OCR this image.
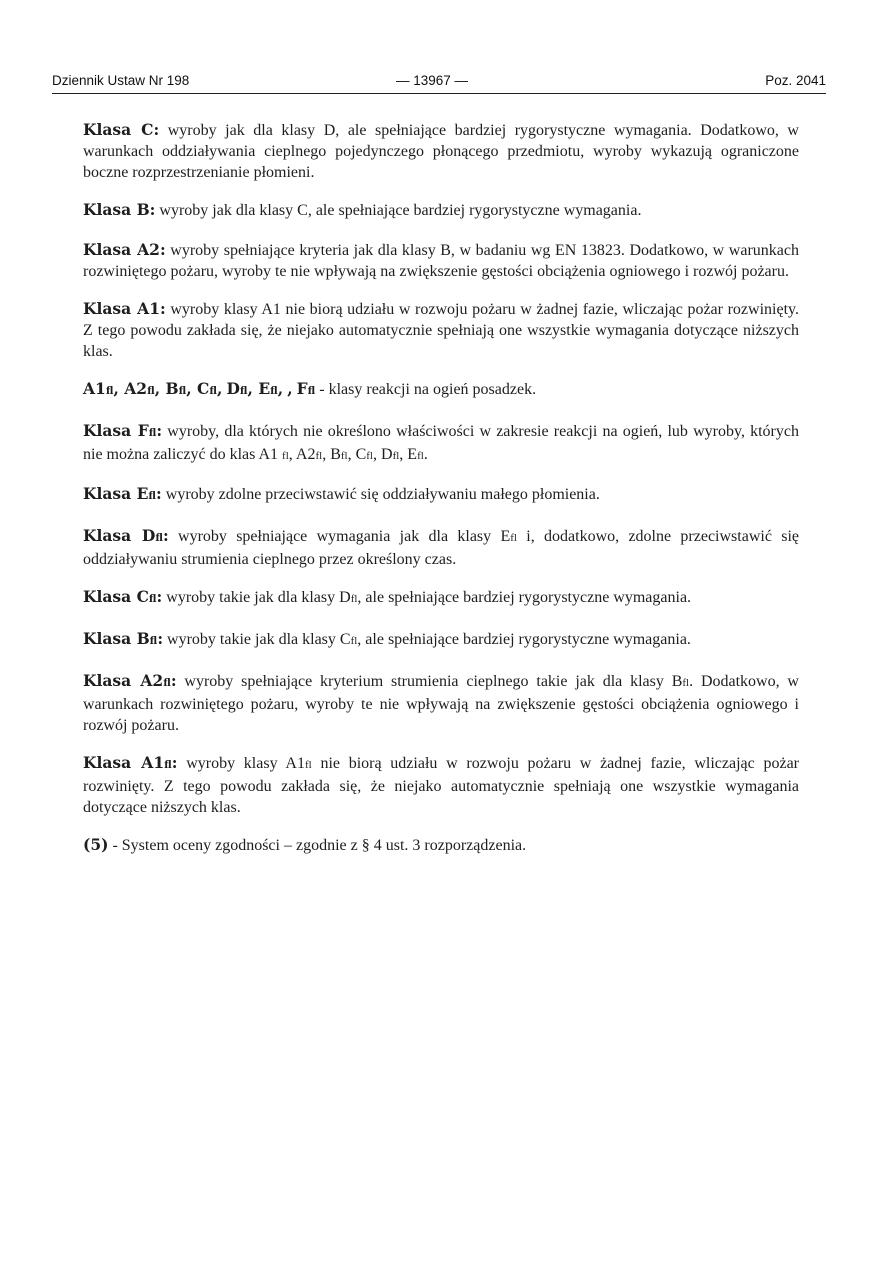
Dziennik Ustaw Nr 198	— 13967 —	Poz. 2041

Klasa C: wyroby jak dla klasy D, ale spełniające bardziej rygorystyczne wymagania. Dodatkowo, w warunkach oddziaływania cieplnego pojedynczego płonącego przedmiotu, wyroby wykazują ograniczone boczne rozprzestrzenianie płomieni.

Klasa B: wyroby jak dla klasy C, ale spełniające bardziej rygorystyczne wymagania.

Klasa A2: wyroby spełniające kryteria jak dla klasy B, w badaniu wg EN 13823. Dodatkowo, w warunkach rozwiniętego pożaru, wyroby te nie wpływają na zwiększenie gęstości obciążenia ogniowego i rozwój pożaru.

Klasa A1: wyroby klasy A1 nie biorą udziału w rozwoju pożaru w żadnej fazie, wliczając pożar rozwinięty. Z tego powodu zakłada się, że niejako automatycznie spełniają one wszystkie wymagania dotyczące niższych klas.

A1fl, A2fl, Bfl, Cfl, Dfl, Efl, , Ffl - klasy reakcji na ogień posadzek.

Klasa Ffl: wyroby, dla których nie określono właściwości w zakresie reakcji na ogień, lub wyroby, których nie można zaliczyć do klas A1 fl, A2fl, Bfl, Cfl, Dfl, Efl.

Klasa Efl: wyroby zdolne przeciwstawić się oddziaływaniu małego płomienia.

Klasa Dfl: wyroby spełniające wymagania jak dla klasy Efl i, dodatkowo, zdolne przeciwstawić się oddziaływaniu strumienia cieplnego przez określony czas.

Klasa Cfl: wyroby takie jak dla klasy Dfl, ale spełniające bardziej rygorystyczne wymagania.

Klasa Bfl: wyroby takie jak dla klasy Cfl, ale spełniające bardziej rygorystyczne wymagania.

Klasa A2fl: wyroby spełniające kryterium strumienia cieplnego takie jak dla klasy Bfl. Dodatkowo, w warunkach rozwiniętego pożaru, wyroby te nie wpływają na zwiększenie gęstości obciążenia ogniowego i rozwój pożaru.

Klasa A1fl: wyroby klasy A1fl nie biorą udziału w rozwoju pożaru w żadnej fazie, wliczając pożar rozwinięty. Z tego powodu zakłada się, że niejako automatycznie spełniają one wszystkie wymagania dotyczące niższych klas.

(5) - System oceny zgodności – zgodnie z § 4 ust. 3 rozporządzenia.
